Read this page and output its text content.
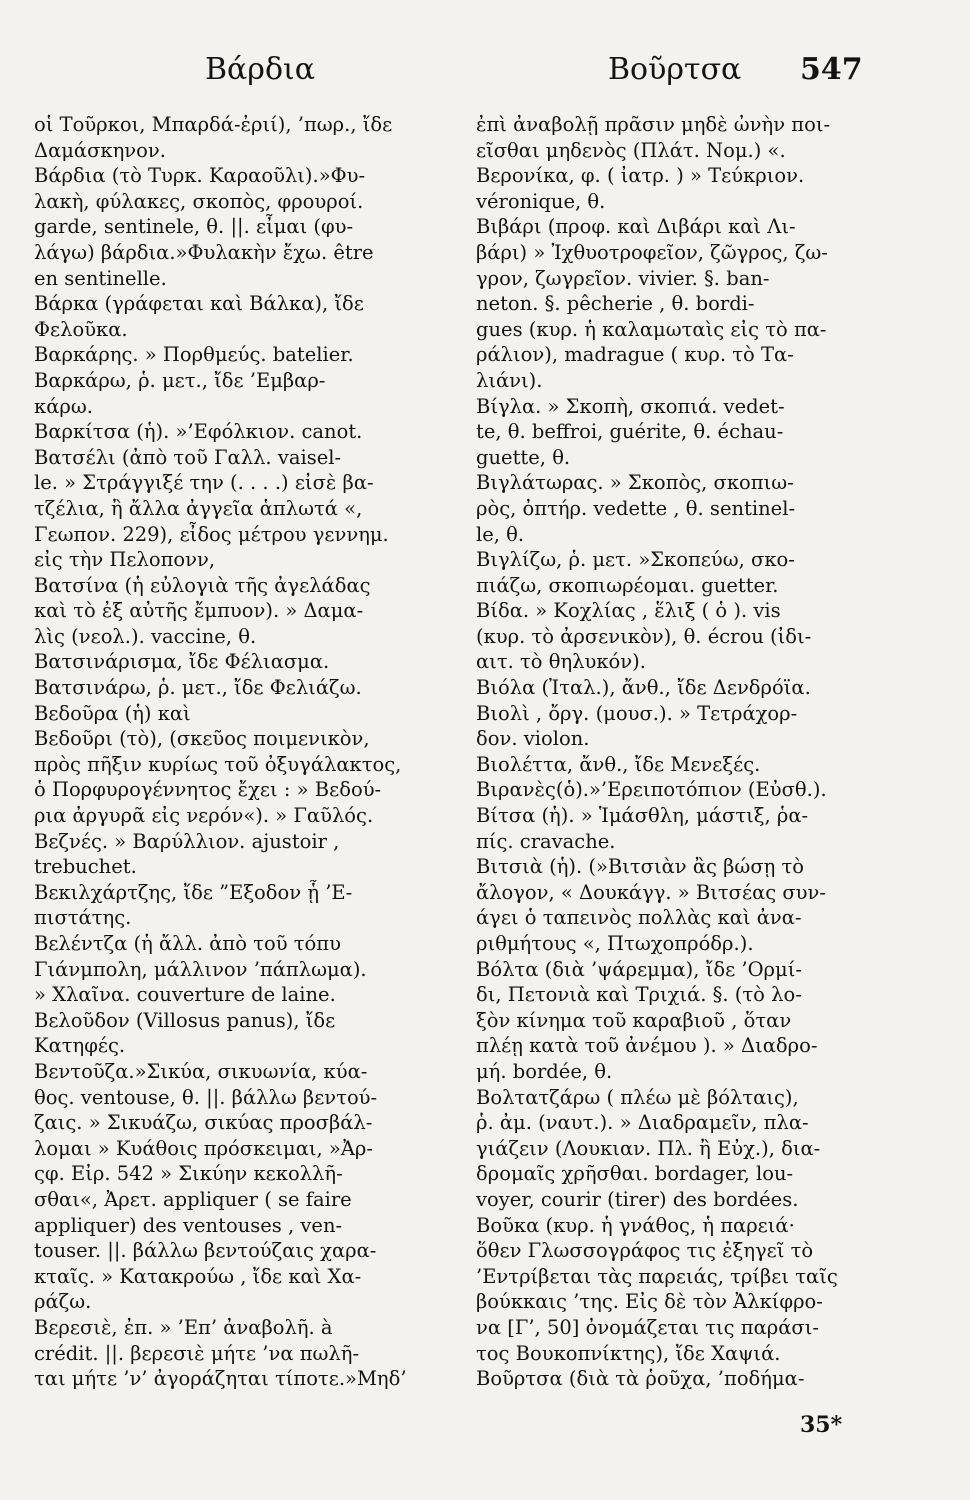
Βάρδια	Βοῦρτσα 547
οἱ Τοῦρκοι, Μπαρδά-ἐριί), ’πωρ., ἴδε
Δαμάσκηνον.
Βάρδια (τὸ Τυρκ. Καραοῦλι).»Φυ-
λακὴ, φύλακες, σκοπὸς, φρουροί.
garde, sentinele, θ. ||. εἶμαι (φυ-
λάγω) βάρδια.»Φυλακὴν ἔχω. être
en sentinelle.
Βάρκα (γράφεται καὶ Βάλκα), ἴδε
Φελοῦκα.
Βαρκάρης. » Πορθμεύς. batelier.
Βαρκάρω, ῥ. μετ., ἴδε ’Εμβαρ-
κάρω.
Βαρκίτσα (ἡ). »’Εφόλκιον. canot.
Βατσέλι (ἀπὸ τοῦ Γαλλ. vaisel-
le. » Στράγγιξέ την (. . . .) εἰσὲ βα-
τζέλια, ἢ ἄλλα ἀγγεῖα ἁπλωτά «,
Γεωπον. 229), εἶδος μέτρου γεννημ.
εἰς τὴν Πελοπονν,
Βατσίνα (ἡ εὐλογιὰ τῆς ἀγελάδας
καὶ τὸ ἐξ αὐτῆς ἔμπυον). » Δαμα-
λὶς (νεολ.). vaccine, θ.
Βατσινάρισμα, ἴδε Φέλιασμα.
Βατσινάρω, ῥ. μετ., ἴδε Φελιάζω.
Βεδοῦρα (ἡ) καὶ
Βεδοῦρι (τὸ), (σκεῦος ποιμενικὸν,
πρὸς πῆξιν κυρίως τοῦ ὀξυγάλακτος,
ὁ Πορφυρογέννητος ἔχει : » Βεδού-
ρια ἀργυρᾶ εἰς νερόν«). » Γαῦλός.
Βεζνές. » Βαρύλλιον. ajustoir ,
trebuchet.
Βεκιλχάρτζης, ἴδε ”Εξοδον ᾗ ’Ε-
πιστάτης.
Βελέντζα (ἡ ἄλλ. ἀπὸ τοῦ τόπυ
Γιάνμπολη, μάλλινον ’πάπλωμα).
» Χλαῖνα. couverture de laine.
Βελοῦδον (Villosus panus), ἴδε
Κατηφές.
Βεντοῦζα.»Σικύα, σικυωνία, κύα-
θος. ventouse, θ. ||. βάλλω βεντού-
ζαις. » Σικυάζω, σικύας προσβάλ-
λομαι » Κυάθοις πρόσκειμαι, »Ἀρ-
ςφ. Εἰρ. 542 » Σικύην κεκολλῆ-
σθαι«, Ἀρετ. appliquer ( se faire
appliquer) des ventouses , ven-
touser. ||. βάλλω βεντούζαις χαρα-
κταῖς. » Κατακρούω , ἴδε καὶ Χα-
ράζω.
Βερεσιὲ, ἐπ. » ’Επ’ ἀναβολῆ. à
crédit. ||. βερεσιὲ μήτε ’να πωλῆ-
ται μήτε ’ν’ ἀγοράζηται τίποτε.»Μηδ’
ἐπὶ ἀναβολῇ πρᾶσιν μηδὲ ὠνὴν ποι-
εῖσθαι μηδενὸς (Πλάτ. Νομ.) «.
Βερονίκα, φ. ( ἰατρ. ) » Τεύκριον.
véronique, θ.
Βιβάρι (προφ. καὶ Διβάρι καὶ Λι-
βάρι) » Ἰχθυοτροφεῖον, ζῶγρος, ζω-
γρον, ζωγρεῖον. vivier. §. ban-
neton. §. pêcherie , θ. bordi-
gues (κυρ. ἡ καλαμωταὶς εἰς τὸ πα-
ράλιον), madrague ( κυρ. τὸ Τα-
λιάνι).
Βίγλα. » Σκοπὴ, σκοπιά. vedet-
te, θ. beffroi, guérite, θ. échau-
guette, θ.
Βιγλάτωρας. » Σκοπὸς, σκοπιω-
ρὸς, ὀπτήρ. vedette , θ. sentinel-
le, θ.
Βιγλίζω, ῥ. μετ. »Σκοπεύω, σκο-
πιάζω, σκοπιωρέομαι. guetter.
Βίδα. » Κοχλίας , ἕλιξ ( ὁ ). vis
(κυρ. τὸ ἀρσενικὸν), θ. écrou (ἰδι-
αιτ. τὸ θηλυκόν).
Βιόλα (Ἰταλ.), ἄνθ., ἴδε Δενδρόϊα.
Βιολὶ , ὄργ. (μουσ.). » Τετράχορ-
δον. violon.
Βιολέττα, ἄνθ., ἴδε Μενεξές.
Βιρανὲς(ὁ).»’Ερειποτόπιον (Εὐσθ.).
Βίτσα (ἡ). » Ἱμάσθλη, μάστιξ, ῥα-
πίς. cravache.
Βιτσιὰ (ἡ). (»Βιτσιὰν ἂς βώσῃ τὸ
ἄλογον, « Δουκάγγ. » Βιτσέας συν-
άγει ὁ ταπεινὸς πολλὰς καὶ ἀνα-
ριθμήτους «, Πτωχοπρόδρ.).
Βόλτα (διὰ ’ψάρεμμα), ἴδε ’Ορμί-
δι, Πετονιὰ καὶ Τριχιά. §. (τὸ λο-
ξὸν κίνημα τοῦ καραβιοῦ , ὅταν
πλέῃ κατὰ τοῦ ἀνέμου ). » Διαδρο-
μή. bordée, θ.
Βολτατζάρω ( πλέω μὲ βόλταις),
ῥ. ἀμ. (ναυτ.). » Διαδραμεῖν, πλα-
γιάζειν (Λουκιαν. Πλ. ἢ Εὐχ.), δια-
δρομαῖς χρῆσθαι. bordager, lou-
voyer, courir (tirer) des bordées.
Βοῦκα (κυρ. ἡ γνάθος, ἡ παρειά·
ὅθεν Γλωσσογράφος τις ἐξηγεῖ τὸ
’Εντρίβεται τὰς παρειάς, τρίβει ταῖς
βούκκαις ’της. Εἰς δὲ τὸν Ἀλκίφρο-
να [Γ’, 50] ὀνομάζεται τις παράσι-
τος Βουκοπνίκτης), ἴδε Χαψιά.
Βοῦρτσα (διὰ τὰ ῥοῦχα, ’ποδήμα-
35*
